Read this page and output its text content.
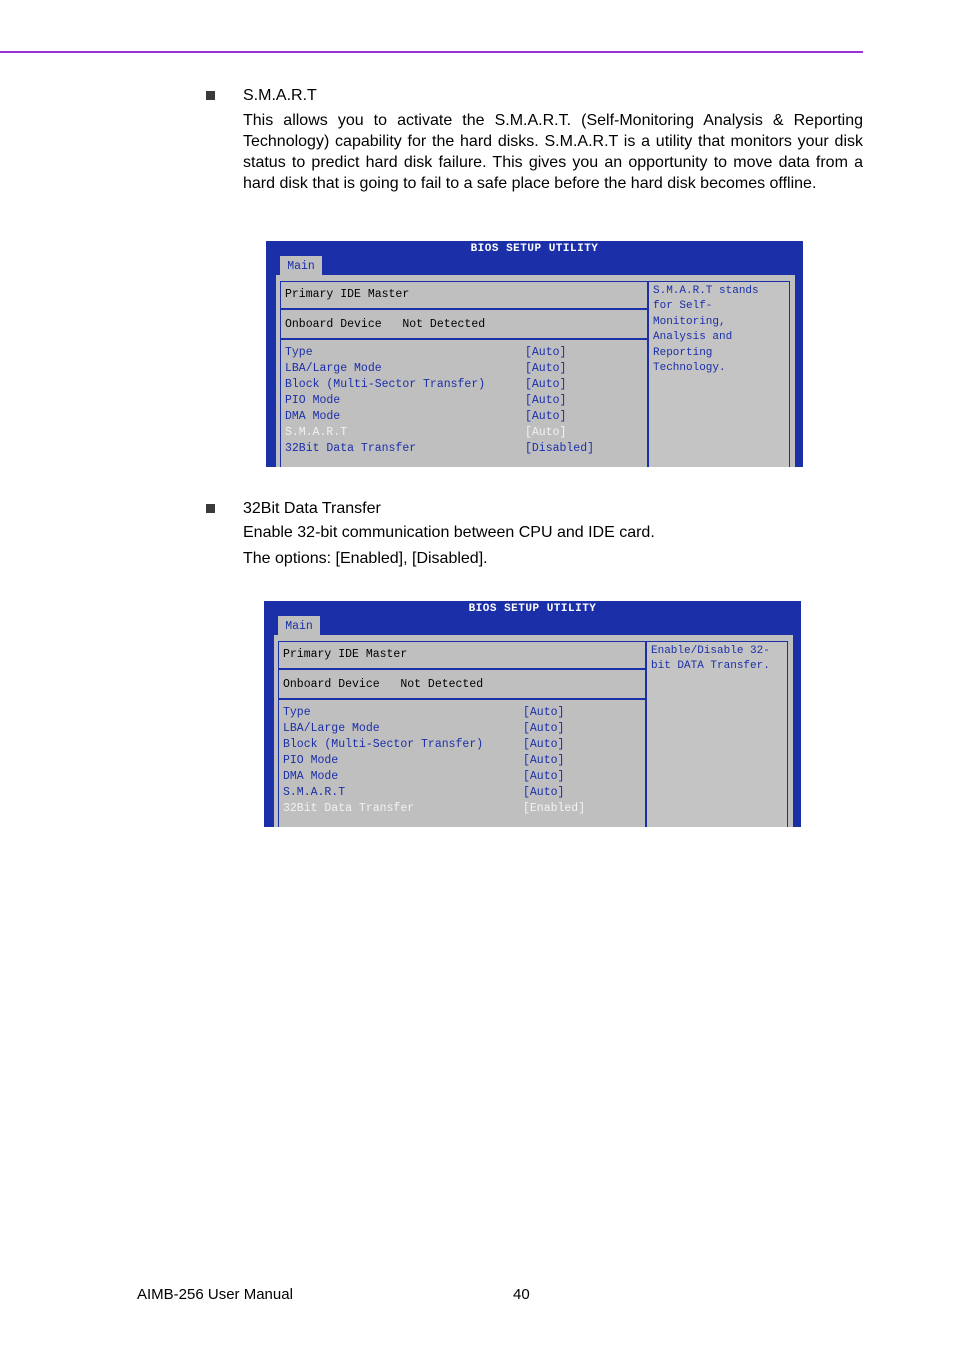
S.M.A.R.T
This allows you to activate the S.M.A.R.T. (Self-Monitoring Analysis & Reporting Technology) capability for the hard disks. S.M.A.R.T is a utility that monitors your disk status to predict hard disk failure. This gives you an opportunity to move data from a hard disk that is going to fail to a safe place before the hard disk becomes offline.
BIOS SETUP UTILITY
Main
Primary IDE Master
Onboard Device   Not Detected
Type	[Auto]
LBA/Large Mode	[Auto]
Block (Multi-Sector Transfer)	[Auto]
PIO Mode	[Auto]
DMA Mode	[Auto]
S.M.A.R.T	[Auto]
32Bit Data Transfer	[Disabled]
S.M.A.R.T stands
for Self-
Monitoring,
Analysis and
Reporting
Technology.
32Bit Data Transfer
Enable 32-bit communication between CPU and IDE card.
The options: [Enabled], [Disabled].
BIOS SETUP UTILITY
Main
Primary IDE Master
Onboard Device   Not Detected
Type	[Auto]
LBA/Large Mode	[Auto]
Block (Multi-Sector Transfer)	[Auto]
PIO Mode	[Auto]
DMA Mode	[Auto]
S.M.A.R.T	[Auto]
32Bit Data Transfer	[Enabled]
Enable/Disable 32-
bit DATA Transfer.
AIMB-256 User Manual	40
